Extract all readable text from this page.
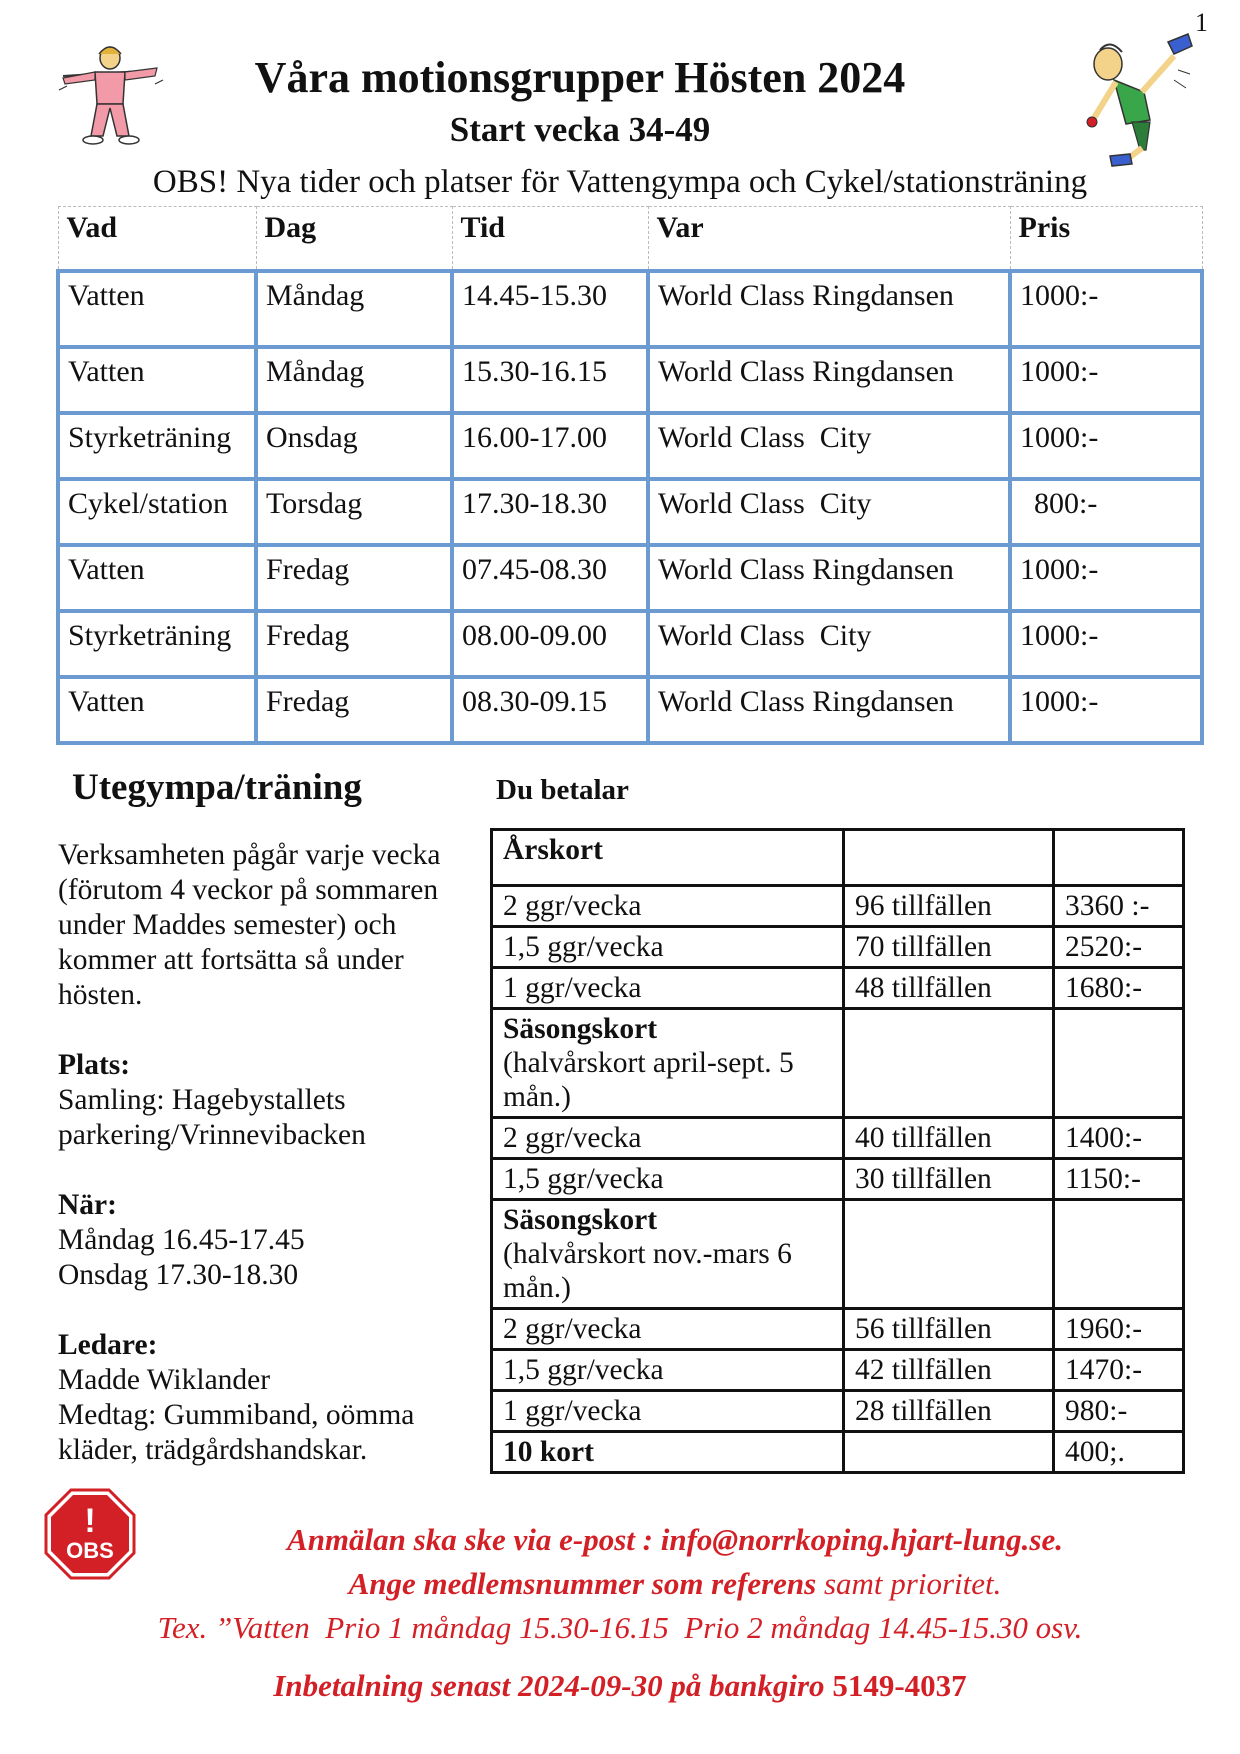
1
Våra motionsgrupper Hösten 2024
Start vecka 34-49
OBS! Nya tider och platser för Vattengympa och Cykel/stationsträning
Vad	Dag	Tid	Var	Pris
Vatten	Måndag	14.45-15.30	World Class Ringdansen	1000:-
Vatten	Måndag	15.30-16.15	World Class Ringdansen	1000:-
Styrketräning	Onsdag	16.00-17.00	World Class  City	1000:-
Cykel/station	Torsdag	17.30-18.30	World Class  City	800:-
Vatten	Fredag	07.45-08.30	World Class Ringdansen	1000:-
Styrketräning	Fredag	08.00-09.00	World Class  City	1000:-
Vatten	Fredag	08.30-09.15	World Class Ringdansen	1000:-
Utegympa/träning

Verksamheten pågår varje vecka (förutom 4 veckor på sommaren under Maddes semester) och kommer att fortsätta så under hösten.

Plats:
Samling: Hagebystallets
parkering/Vrinnevibacken

När:
Måndag 16.45-17.45
Onsdag 17.30-18.30

Ledare:
Madde Wiklander
Medtag: Gummiband, oömma kläder, trädgårdshandskar.

Du betalar
Årskort		
2 ggr/vecka	96 tillfällen	3360 :-
1,5 ggr/vecka	70 tillfällen	2520:-
1 ggr/vecka	48 tillfällen	1680:-
Säsongskort
(halvårskort april-sept. 5 mån.)		
2 ggr/vecka	40 tillfällen	1400:-
1,5 ggr/vecka	30 tillfällen	1150:-
Säsongskort
(halvårskort nov.-mars 6 mån.)		
2 ggr/vecka	56 tillfällen	1960:-
1,5 ggr/vecka	42 tillfällen	1470:-
1 ggr/vecka	28 tillfällen	980:-
10 kort		400;.
!
OBS	Anmälan ska ske via e-post : info@norrkoping.hjart-lung.se.
Ange medlemsnummer som referens samt prioritet.
Tex. ”Vatten  Prio 1 måndag 15.30-16.15  Prio 2 måndag 14.45-15.30 osv.
Inbetalning senast 2024-09-30 på bankgiro 5149-4037
